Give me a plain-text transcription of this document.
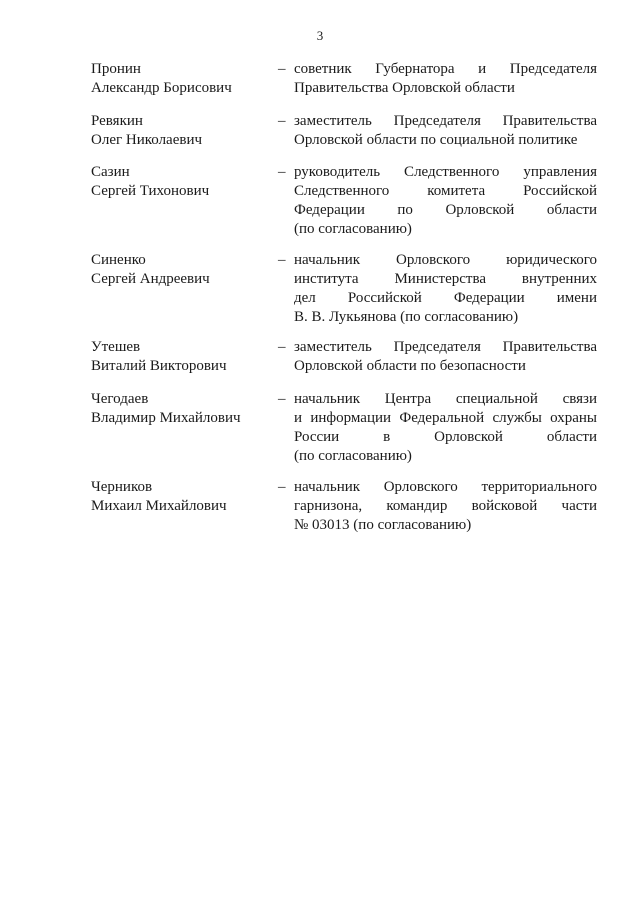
3
Пронин
Александр Борисович
– советник Губернатора и Председателя
Правительства Орловской области
Ревякин
Олег Николаевич
– заместитель Председателя Правительства
Орловской области по социальной политике
Сазин
Сергей Тихонович
– руководитель Следственного управления
Следственного комитета Российской
Федерации по Орловской области
(по согласованию)
Синенко
Сергей Андреевич
– начальник Орловского юридического
института Министерства внутренних
дел Российской Федерации имени
В. В. Лукьянова (по согласованию)
Утешев
Виталий Викторович
– заместитель Председателя Правительства
Орловской области по безопасности
Чегодаев
Владимир Михайлович
– начальник Центра специальной связи
и информации Федеральной службы охраны
России в Орловской области
(по согласованию)
Черников
Михаил Михайлович
– начальник Орловского территориального
гарнизона, командир войсковой части
№ 03013 (по согласованию)
